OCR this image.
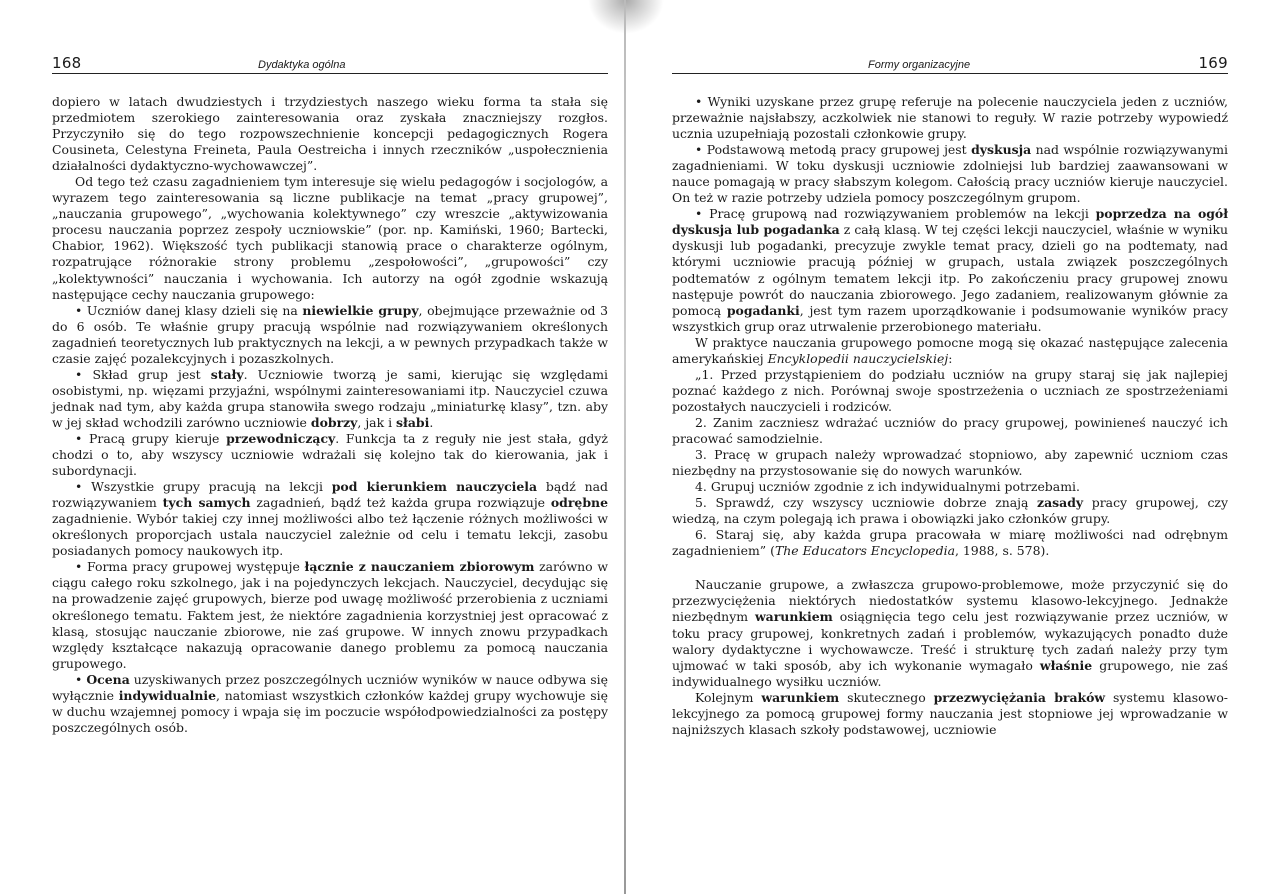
168	Dydaktyka ogólna

dopiero w latach dwudziestych i trzydziestych naszego wieku forma ta stała się przedmiotem szerokiego zainteresowania oraz zyskała znaczniejszy rozgłos. Przyczyniło się do tego rozpowszechnienie koncepcji pedagogicznych Rogera Cousineta, Celestyna Freineta, Paula Oestreicha i innych rzeczników „uspołecznienia działalności dydaktyczno-wychowawczej”.

Od tego też czasu zagadnieniem tym interesuje się wielu pedagogów i socjologów, a wyrazem tego zainteresowania są liczne publikacje na temat „pracy grupowej”, „nauczania grupowego”, „wychowania kolektywnego” czy wreszcie „aktywizowania procesu nauczania poprzez zespoły uczniowskie” (por. np. Kamiński, 1960; Bartecki, Chabior, 1962). Większość tych publikacji stanowią prace o charakterze ogólnym, rozpatrujące różnorakie strony problemu „zespołowości”, „grupowości” czy „kolektywności” nauczania i wychowania. Ich autorzy na ogół zgodnie wskazują następujące cechy nauczania grupowego:

• Uczniów danej klasy dzieli się na niewielkie grupy, obejmujące przeważnie od 3 do 6 osób. Te właśnie grupy pracują wspólnie nad rozwiązywaniem określonych zagadnień teoretycznych lub praktycznych na lekcji, a w pewnych przypadkach także w czasie zajęć pozalekcyjnych i pozaszkolnych.

• Skład grup jest stały. Uczniowie tworzą je sami, kierując się względami osobistymi, np. więzami przyjaźni, wspólnymi zainteresowaniami itp. Nauczyciel czuwa jednak nad tym, aby każda grupa stanowiła swego rodzaju „miniaturkę klasy”, tzn. aby w jej skład wchodzili zarówno uczniowie dobrzy, jak i słabi.

• Pracą grupy kieruje przewodniczący. Funkcja ta z reguły nie jest stała, gdyż chodzi o to, aby wszyscy uczniowie wdrażali się kolejno tak do kierowania, jak i subordynacji.

• Wszystkie grupy pracują na lekcji pod kierunkiem nauczyciela bądź nad rozwiązywaniem tych samych zagadnień, bądź też każda grupa rozwiązuje odrębne zagadnienie. Wybór takiej czy innej możliwości albo też łączenie różnych możliwości w określonych proporcjach ustala nauczyciel zależnie od celu i tematu lekcji, zasobu posiadanych pomocy naukowych itp.

• Forma pracy grupowej występuje łącznie z nauczaniem zbiorowym zarówno w ciągu całego roku szkolnego, jak i na pojedynczych lekcjach. Nauczyciel, decydując się na prowadzenie zajęć grupowych, bierze pod uwagę możliwość przerobienia z uczniami określonego tematu. Faktem jest, że niektóre zagadnienia korzystniej jest opracować z klasą, stosując nauczanie zbiorowe, nie zaś grupowe. W innych znowu przypadkach względy kształcące nakazują opracowanie danego problemu za pomocą nauczania grupowego.

• Ocena uzyskiwanych przez poszczególnych uczniów wyników w nauce odbywa się wyłącznie indywidualnie, natomiast wszystkich członków każdej grupy wychowuje się w duchu wzajemnej pomocy i wpaja się im poczucie współodpowiedzialności za postępy poszczególnych osób.

Formy organizacyjne	169

• Wyniki uzyskane przez grupę referuje na polecenie nauczyciela jeden z uczniów, przeważnie najsłabszy, aczkolwiek nie stanowi to reguły. W razie potrzeby wypowiedź ucznia uzupełniają pozostali członkowie grupy.

• Podstawową metodą pracy grupowej jest dyskusja nad wspólnie rozwiązywanymi zagadnieniami. W toku dyskusji uczniowie zdolniejsi lub bardziej zaawansowani w nauce pomagają w pracy słabszym kolegom. Całością pracy uczniów kieruje nauczyciel. On też w razie potrzeby udziela pomocy poszczególnym grupom.

• Pracę grupową nad rozwiązywaniem problemów na lekcji poprzedza na ogół dyskusja lub pogadanka z całą klasą. W tej części lekcji nauczyciel, właśnie w wyniku dyskusji lub pogadanki, precyzuje zwykle temat pracy, dzieli go na podtematy, nad którymi uczniowie pracują później w grupach, ustala związek poszczególnych podtematów z ogólnym tematem lekcji itp. Po zakończeniu pracy grupowej znowu następuje powrót do nauczania zbiorowego. Jego zadaniem, realizowanym głównie za pomocą pogadanki, jest tym razem uporządkowanie i podsumowanie wyników pracy wszystkich grup oraz utrwalenie przerobionego materiału.

W praktyce nauczania grupowego pomocne mogą się okazać następujące zalecenia amerykańskiej Encyklopedii nauczycielskiej:

„1. Przed przystąpieniem do podziału uczniów na grupy staraj się jak najlepiej poznać każdego z nich. Porównaj swoje spostrzeżenia o uczniach ze spostrzeżeniami pozostałych nauczycieli i rodziców.

2. Zanim zaczniesz wdrażać uczniów do pracy grupowej, powinieneś nauczyć ich pracować samodzielnie.

3. Pracę w grupach należy wprowadzać stopniowo, aby zapewnić uczniom czas niezbędny na przystosowanie się do nowych warunków.

4. Grupuj uczniów zgodnie z ich indywidualnymi potrzebami.

5. Sprawdź, czy wszyscy uczniowie dobrze znają zasady pracy grupowej, czy wiedzą, na czym polegają ich prawa i obowiązki jako członków grupy.

6. Staraj się, aby każda grupa pracowała w miarę możliwości nad odrębnym zagadnieniem” (The Educators Encyclopedia, 1988, s. 578).

Nauczanie grupowe, a zwłaszcza grupowo-problemowe, może przyczynić się do przezwyciężenia niektórych niedostatków systemu klasowo-lekcyjnego. Jednakże niezbędnym warunkiem osiągnięcia tego celu jest rozwiązywanie przez uczniów, w toku pracy grupowej, konkretnych zadań i problemów, wykazujących ponadto duże walory dydaktyczne i wychowawcze. Treść i strukturę tych zadań należy przy tym ujmować w taki sposób, aby ich wykonanie wymagało właśnie grupowego, nie zaś indywidualnego wysiłku uczniów.

Kolejnym warunkiem skutecznego przezwyciężania braków systemu klasowo-lekcyjnego za pomocą grupowej formy nauczania jest stopniowe jej wprowadzanie w najniższych klasach szkoły podstawowej, uczniowie
